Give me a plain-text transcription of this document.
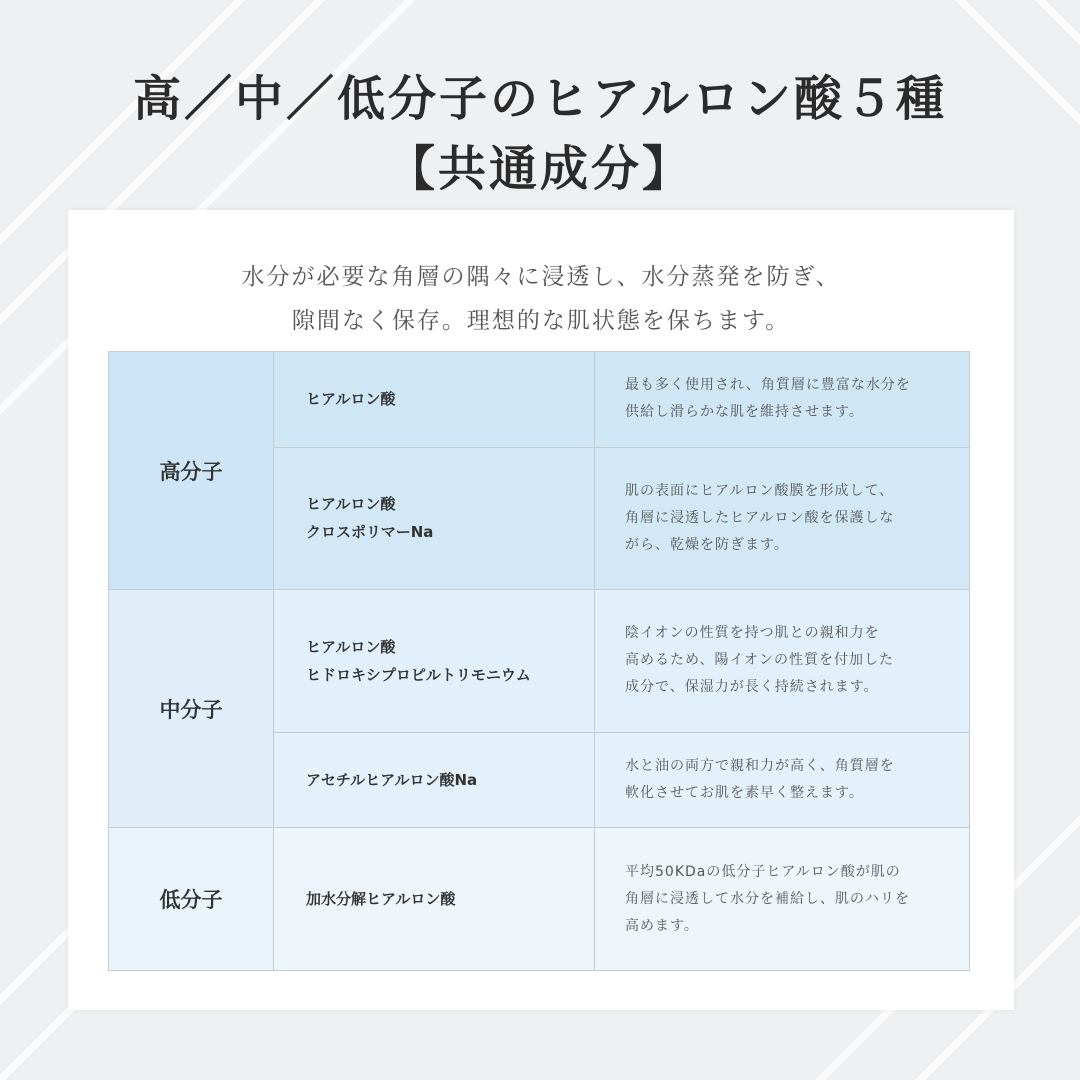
高／中／低分子のヒアルロン酸５種
【共通成分】

水分が必要な角層の隅々に浸透し、水分蒸発を防ぎ、

隙間なく保存。理想的な肌状態を保ちます。

高分子	ヒアルロン酸	最も多く使用され、角質層に豊富な水分を
供給し滑らかな肌を維持させます。

	ヒアルロン酸
クロスポリマーNa	肌の表面にヒアルロン酸膜を形成して、
角層に浸透したヒアルロン酸を保護しな
がら、乾燥を防ぎます。

中分子	ヒアルロン酸
ヒドロキシプロピルトリモニウム	陰イオンの性質を持つ肌との親和力を
高めるため、陽イオンの性質を付加した
成分で、保湿力が長く持続されます。

	アセチルヒアルロン酸Na	水と油の両方で親和力が高く、角質層を
軟化させてお肌を素早く整えます。

低分子	加水分解ヒアルロン酸	平均50KDaの低分子ヒアルロン酸が肌の
角層に浸透して水分を補給し、肌のハリを
高めます。
